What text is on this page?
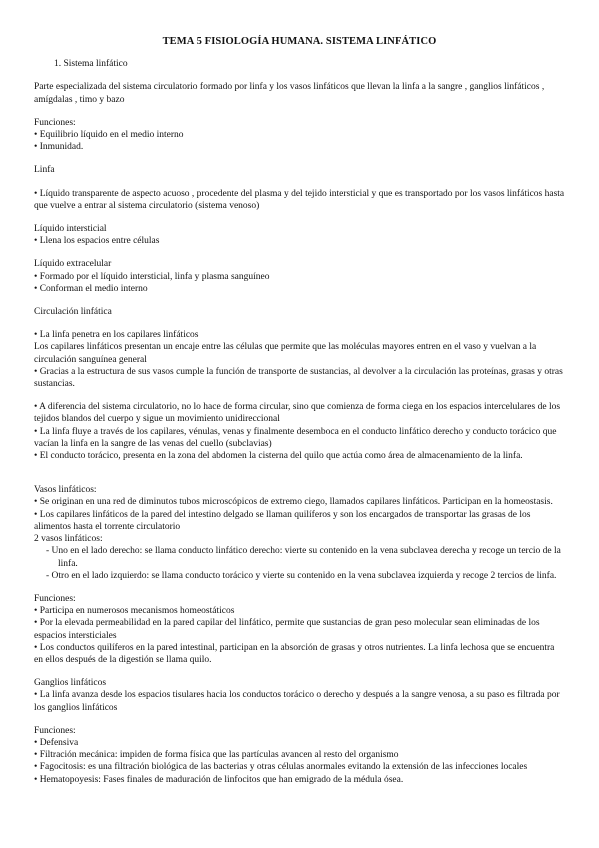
TEMA 5 FISIOLOGÍA HUMANA. SISTEMA LINFÁTICO

1. Sistema linfático

Parte especializada del sistema circulatorio formado por linfa y los vasos linfáticos que llevan la linfa a la sangre , ganglios linfáticos , amígdalas , timo y bazo

Funciones:

• Equilibrio líquido en el medio interno

• Inmunidad.

Linfa

• Líquido transparente de aspecto acuoso , procedente del plasma y del tejido intersticial y que es transportado por los vasos linfáticos hasta que vuelve a entrar al sistema circulatorio (sistema venoso)

Líquido intersticial

• Llena los espacios entre células

Líquido extracelular

• Formado por el líquido intersticial, linfa y plasma sanguíneo

• Conforman el medio interno

Circulación linfática

• La linfa penetra en los capilares linfáticos

Los capilares linfáticos presentan un encaje entre las células que permite que las moléculas mayores entren en el vaso y vuelvan a la circulación sanguínea general

• Gracias a la estructura de sus vasos cumple la función de transporte de sustancias, al devolver a la circulación las proteínas, grasas y otras sustancias.

• A diferencia del sistema circulatorio, no lo hace de forma circular, sino que comienza de forma ciega en los espacios intercelulares de los tejidos blandos del cuerpo y sigue un movimiento unidireccional

• La linfa fluye a través de los capilares, vénulas, venas y finalmente desemboca en el conducto linfático derecho y conducto torácico que vacían la linfa en la sangre de las venas del cuello (subclavias)

• El conducto torácico, presenta en la zona del abdomen la cisterna del quilo que actúa como área de almacenamiento de la linfa.

Vasos linfáticos:

• Se originan en una red de diminutos tubos microscópicos de extremo ciego, llamados capilares linfáticos. Participan en la homeostasis.

• Los capilares linfáticos de la pared del intestino delgado se llaman quilíferos y son los encargados de transportar las grasas de los alimentos hasta el torrente circulatorio

2 vasos linfáticos:

- Uno en el lado derecho: se llama conducto linfático derecho: vierte su contenido en la vena subclavea derecha y recoge un tercio de la linfa.

- Otro en el lado izquierdo: se llama conducto torácico y vierte su contenido en la vena subclavea izquierda y recoge 2 tercios de linfa.

Funciones:

• Participa en numerosos mecanismos homeostáticos

• Por la elevada permeabilidad en la pared capilar del linfático, permite que sustancias de gran peso molecular sean eliminadas de los espacios intersticiales

• Los conductos quilíferos en la pared intestinal, participan en la absorción de grasas y otros nutrientes. La linfa lechosa que se encuentra en ellos después de la digestión se llama quilo.

Ganglios linfáticos

• La linfa avanza desde los espacios tisulares hacia los conductos torácico o derecho y después a la sangre venosa, a su paso es filtrada por los ganglios linfáticos

Funciones:

• Defensiva

• Filtración mecánica: impiden de forma física que las partículas avancen al resto del organismo

• Fagocitosis: es una filtración biológica de las bacterias y otras células anormales evitando la extensión de las infecciones locales

• Hematopoyesis: Fases finales de maduración de linfocitos que han emigrado de la médula ósea.
